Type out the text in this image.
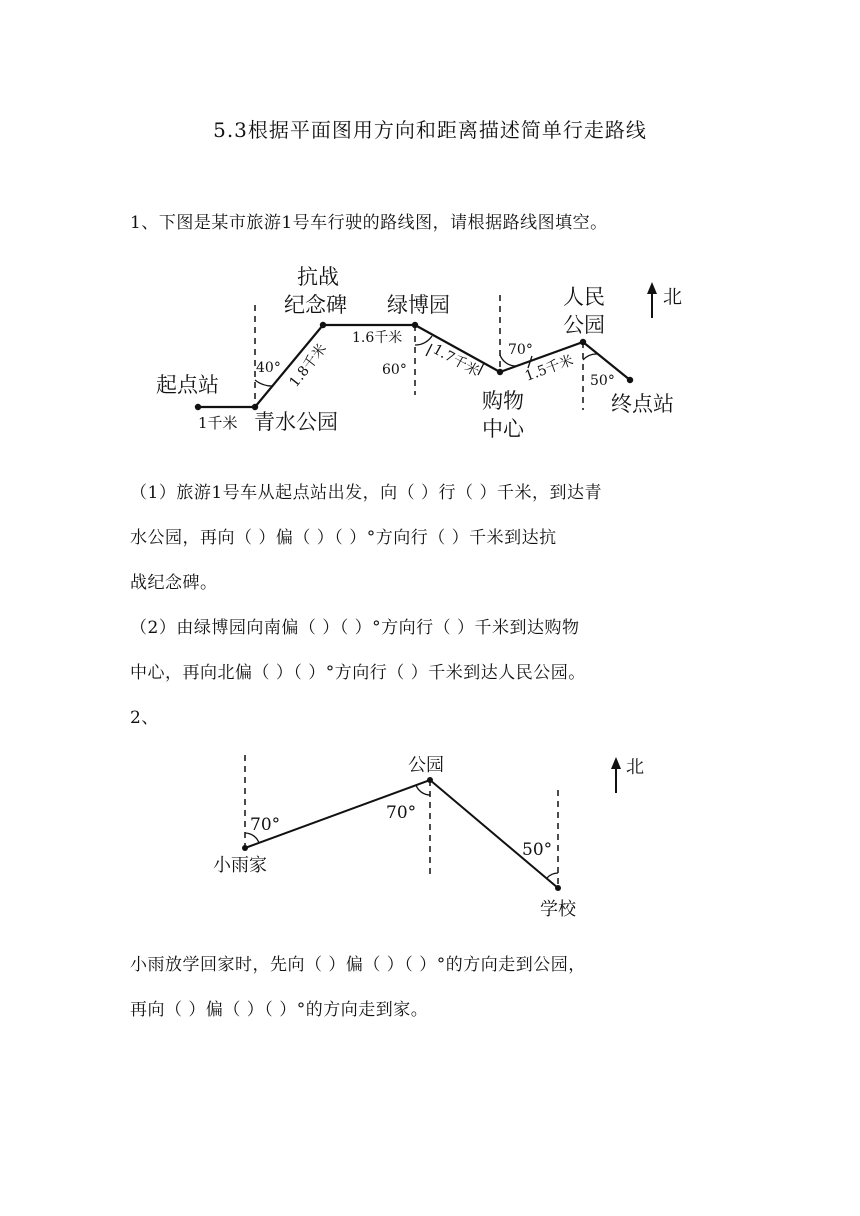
5.3根据平面图用方向和距离描述简单行走路线
1、下图是某市旅游1号车行驶的路线图，请根据路线图填空。
起点站
1千米 青水公园
抗战
纪念碑 绿博园	人民
公园
购物
中心
终点站
北
40°	60°
70°
50°
1.6千米
1.8千米	1.7千米	1.5千米
公园
小雨家
学校
北
70°
70°
50°
（1）旅游1号车从起点站出发，向（ ）行（ ）千米，到达青
水公园，再向（ ）偏（ ）（ ）°方向行（ ）千米到达抗
战纪念碑。
（2）由绿博园向南偏（ ）（ ）°方向行（ ）千米到达购物
中心，再向北偏（ ）（ ）°方向行（ ）千米到达人民公园。
2、
小雨放学回家时，先向（ ）偏（ ）（ ）°的方向走到公园，
再向（ ）偏（ ）（ ）°的方向走到家。
